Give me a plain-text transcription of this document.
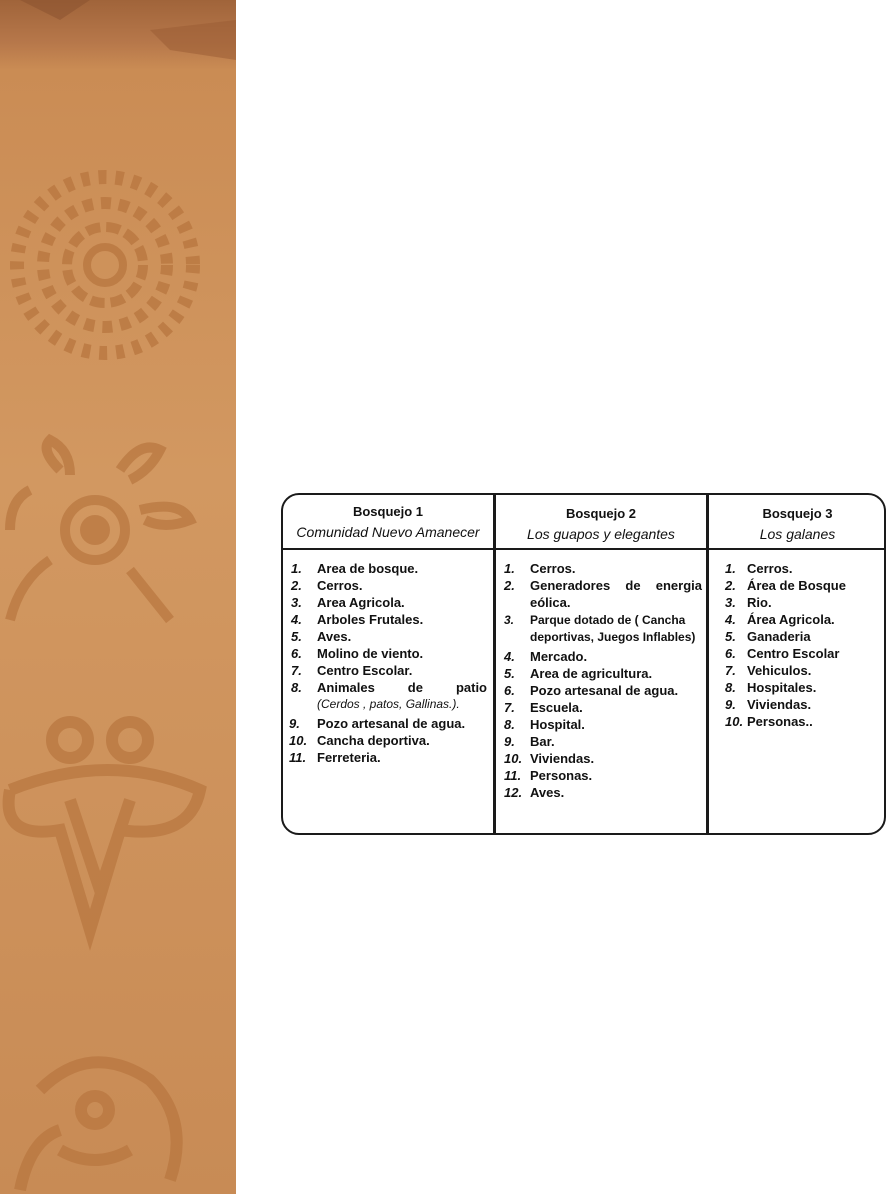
Bosquejo 1
Comunidad Nuevo Amanecer
1. Area de bosque.
2. Cerros.
3. Area Agricola.
4. Arboles Frutales.
5. Aves.
6. Molino de viento.
7. Centro Escolar.
8. Animales de patio
(Cerdos , patos, Gallinas.).
9. Pozo artesanal de agua.
10. Cancha deportiva.
11. Ferreteria.
Bosquejo 2
Los guapos y elegantes
1. Cerros.
2. Generadores de energia eólica.
3. Parque dotado de ( Cancha deportivas, Juegos Inflables)
4. Mercado.
5. Area de agricultura.
6. Pozo artesanal de agua.
7. Escuela.
8. Hospital.
9. Bar.
10. Viviendas.
11. Personas.
12. Aves.
Bosquejo 3
Los galanes
1. Cerros.
2. Área de Bosque
3. Rio.
4. Área Agricola.
5. Ganaderia
6. Centro Escolar
7. Vehiculos.
8. Hospitales.
9. Viviendas.
10. Personas..
